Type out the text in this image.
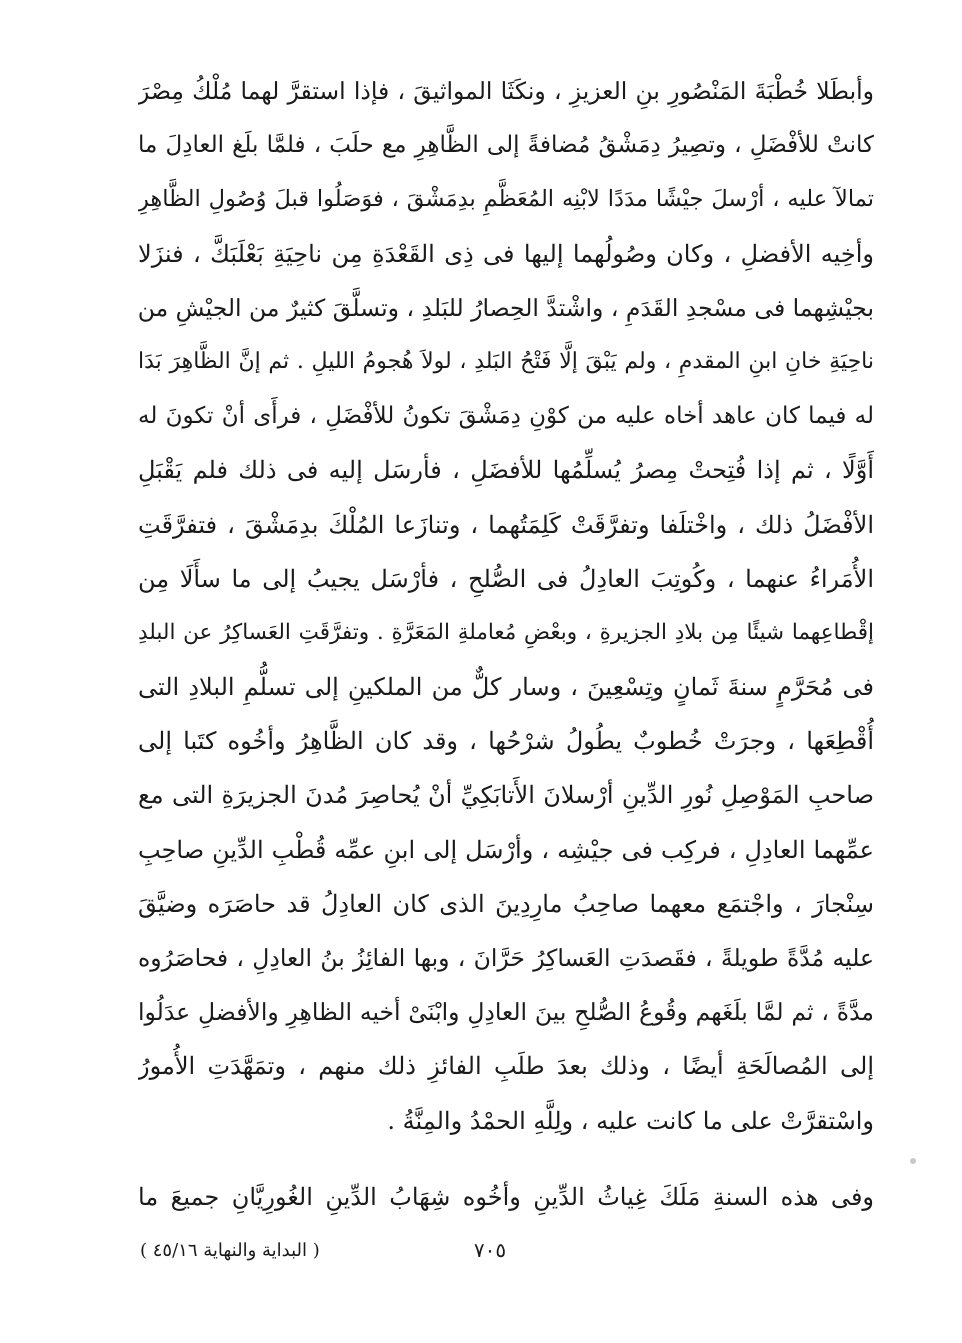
وأبطَلا خُطْبَةَ المَنْصُورِ بنِ العزيزِ ، ونكَثَا المواثيقَ ، فإذا استقرَّ لهما مُلْكُ مِصْرَ
كانتْ للأفْضَلِ ، وتصِيرُ دِمَشْقُ مُضافةً إلى الظَّاهِرِ مع حلَبَ ، فلمَّا بلَغ العادِلَ ما
تمالآ عليه ، أرْسلَ جيْشًا مدَدًا لابْنِه المُعَظَّمِ بدِمَشْقَ ، فوَصَلُوا قبلَ وُصُولِ الظَّاهِرِ
وأخِيه الأفضلِ ، وكان وصُولُهما إليها فى ذِى القَعْدَةِ مِن ناحِيَةِ بَعْلَبَكَّ ، فنزَلا
بجيْشِهما فى مسْجدِ القَدَمِ ، واشْتدَّ الحِصارُ للبَلدِ ، وتسلَّقَ كثيرٌ من الجيْشِ من
ناحِيَةِ خانِ ابنِ المقدمِ ، ولم يَبْقَ إلَّا فَتْحُ البَلدِ ، لولاَ هُجومُ الليلِ . ثم إنَّ الظَّاهِرَ بَدَا
له فيما كان عاهد أخاه عليه من كوْنِ دِمَشْقَ تكونُ للأفْضَلِ ، فرأَى أنْ تكونَ له
أَوَّلًا ، ثم إذا فُتِحتْ مِصرُ يُسلِّمُها للأفضَلِ ، فأرسَل إليه فى ذلك فلم يَقْبَلِ
الأفْضَلُ ذلك ، واخْتلَفا وتفرَّقَتْ كَلِمَتُهما ، وتنازَعا المُلْكَ بدِمَشْقَ ، فتفرَّقَتِ
الأُمَراءُ عنهما ، وكُوتِبَ العادِلُ فى الصُّلحِ ، فأرْسَل يجيبُ إلى ما سأَلَا مِن
إقْطاعِهما شيئًا مِن بلادِ الجزيرةِ ، وبعْضِ مُعاملةِ المَعَرَّةِ . وتفرَّقَتِ العَساكِرُ عن البلدِ
فى مُحَرَّمٍ سنةَ ثَمانٍ وتِسْعِينَ ، وسار كلٌّ من الملكينِ إلى تسلُّمِ البلادِ التى
أُقْطِعَها ، وجرَتْ خُطوبٌ يطُولُ شرْحُها ، وقد كان الظَّاهِرُ وأخُوه كتَبا إلى
صاحبِ المَوْصِلِ نُورِ الدِّينِ أرْسلانَ الأَتابَكِيِّ أنْ يُحاصِرَ مُدنَ الجزيرَةِ التى مع
عمِّهما العادِلِ ، فركِب فى جيْشِه ، وأرْسَل إلى ابنِ عمِّه قُطْبِ الدِّينِ صاحِبِ
سِنْجارَ ، واجْتمَع معهما صاحِبُ مارِدِينَ الذى كان العادِلُ قد حاصَرَه وضيَّقَ
عليه مُدَّةً طويلةً ، فقَصدَتِ العَساكِرُ حَرَّانَ ، وبها الفائِزُ بنُ العادِلِ ، فحاصَرُوه
مدَّةً ، ثم لمَّا بلَغَهم وقُوعُ الصُّلحِ بينَ العادِلِ وابْنَىْ أخيه الظاهِرِ والأفضلِ عدَلُوا
إلى المُصالَحَةِ أيضًا ، وذلك بعدَ طلَبِ الفائزِ ذلك منهم ، وتمَهَّدَتِ الأُمورُ
واسْتقرَّتْ على ما كانت عليه ، ولِلَّهِ الحمْدُ والمِنَّةُ .
وفى هذه السنةِ مَلَكَ غِياثُ الدِّينِ وأخُوه شِهَابُ الدِّينِ الغُورِيَّانِ جميعَ ما
٧٠٥
( البداية والنهاية ٤٥/١٦ )
